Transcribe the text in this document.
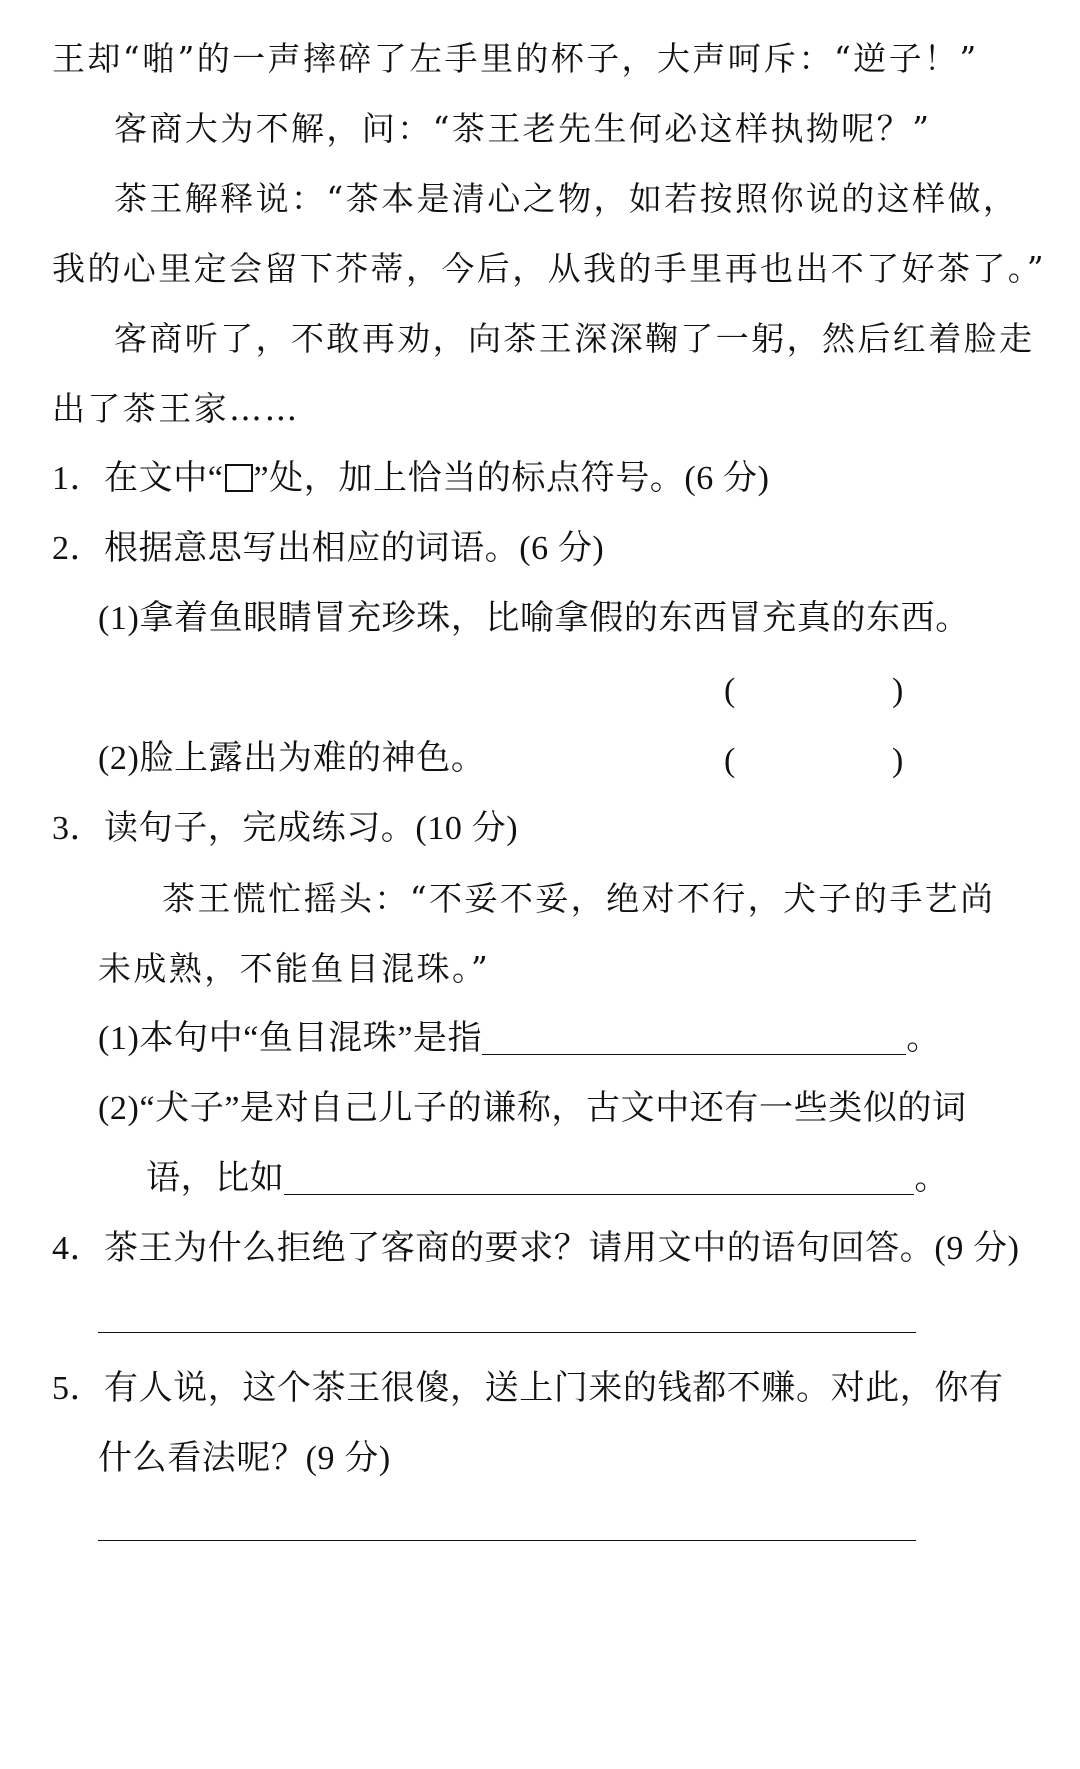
王却“啪”的一声摔碎了左手里的杯子，大声呵斥：“逆子！”
客商大为不解，问：“茶王老先生何必这样执拗呢？”
茶王解释说：“茶本是清心之物，如若按照你说的这样做，
我的心里定会留下芥蒂，今后，从我的手里再也出不了好茶了。”
客商听了，不敢再劝，向茶王深深鞠了一躬，然后红着脸走
出了茶王家……
1．在文中“ ”处，加上恰当的标点符号。(6 分)
2．根据意思写出相应的词语。(6 分)
(1)拿着鱼眼睛冒充珍珠，比喻拿假的东西冒充真的东西。
(	)
(2)脸上露出为难的神色。	(	)
3．读句子，完成练习。(10 分)
茶王慌忙摇头：“不妥不妥，绝对不行，犬子的手艺尚
未成熟，不能鱼目混珠。”
(1)本句中“鱼目混珠”是指	。
(2)“犬子”是对自己儿子的谦称，古文中还有一些类似的词
语，比如	。
4．茶王为什么拒绝了客商的要求？请用文中的语句回答。(9 分)
5．有人说，这个茶王很傻，送上门来的钱都不赚。对此，你有
什么看法呢？(9 分)
